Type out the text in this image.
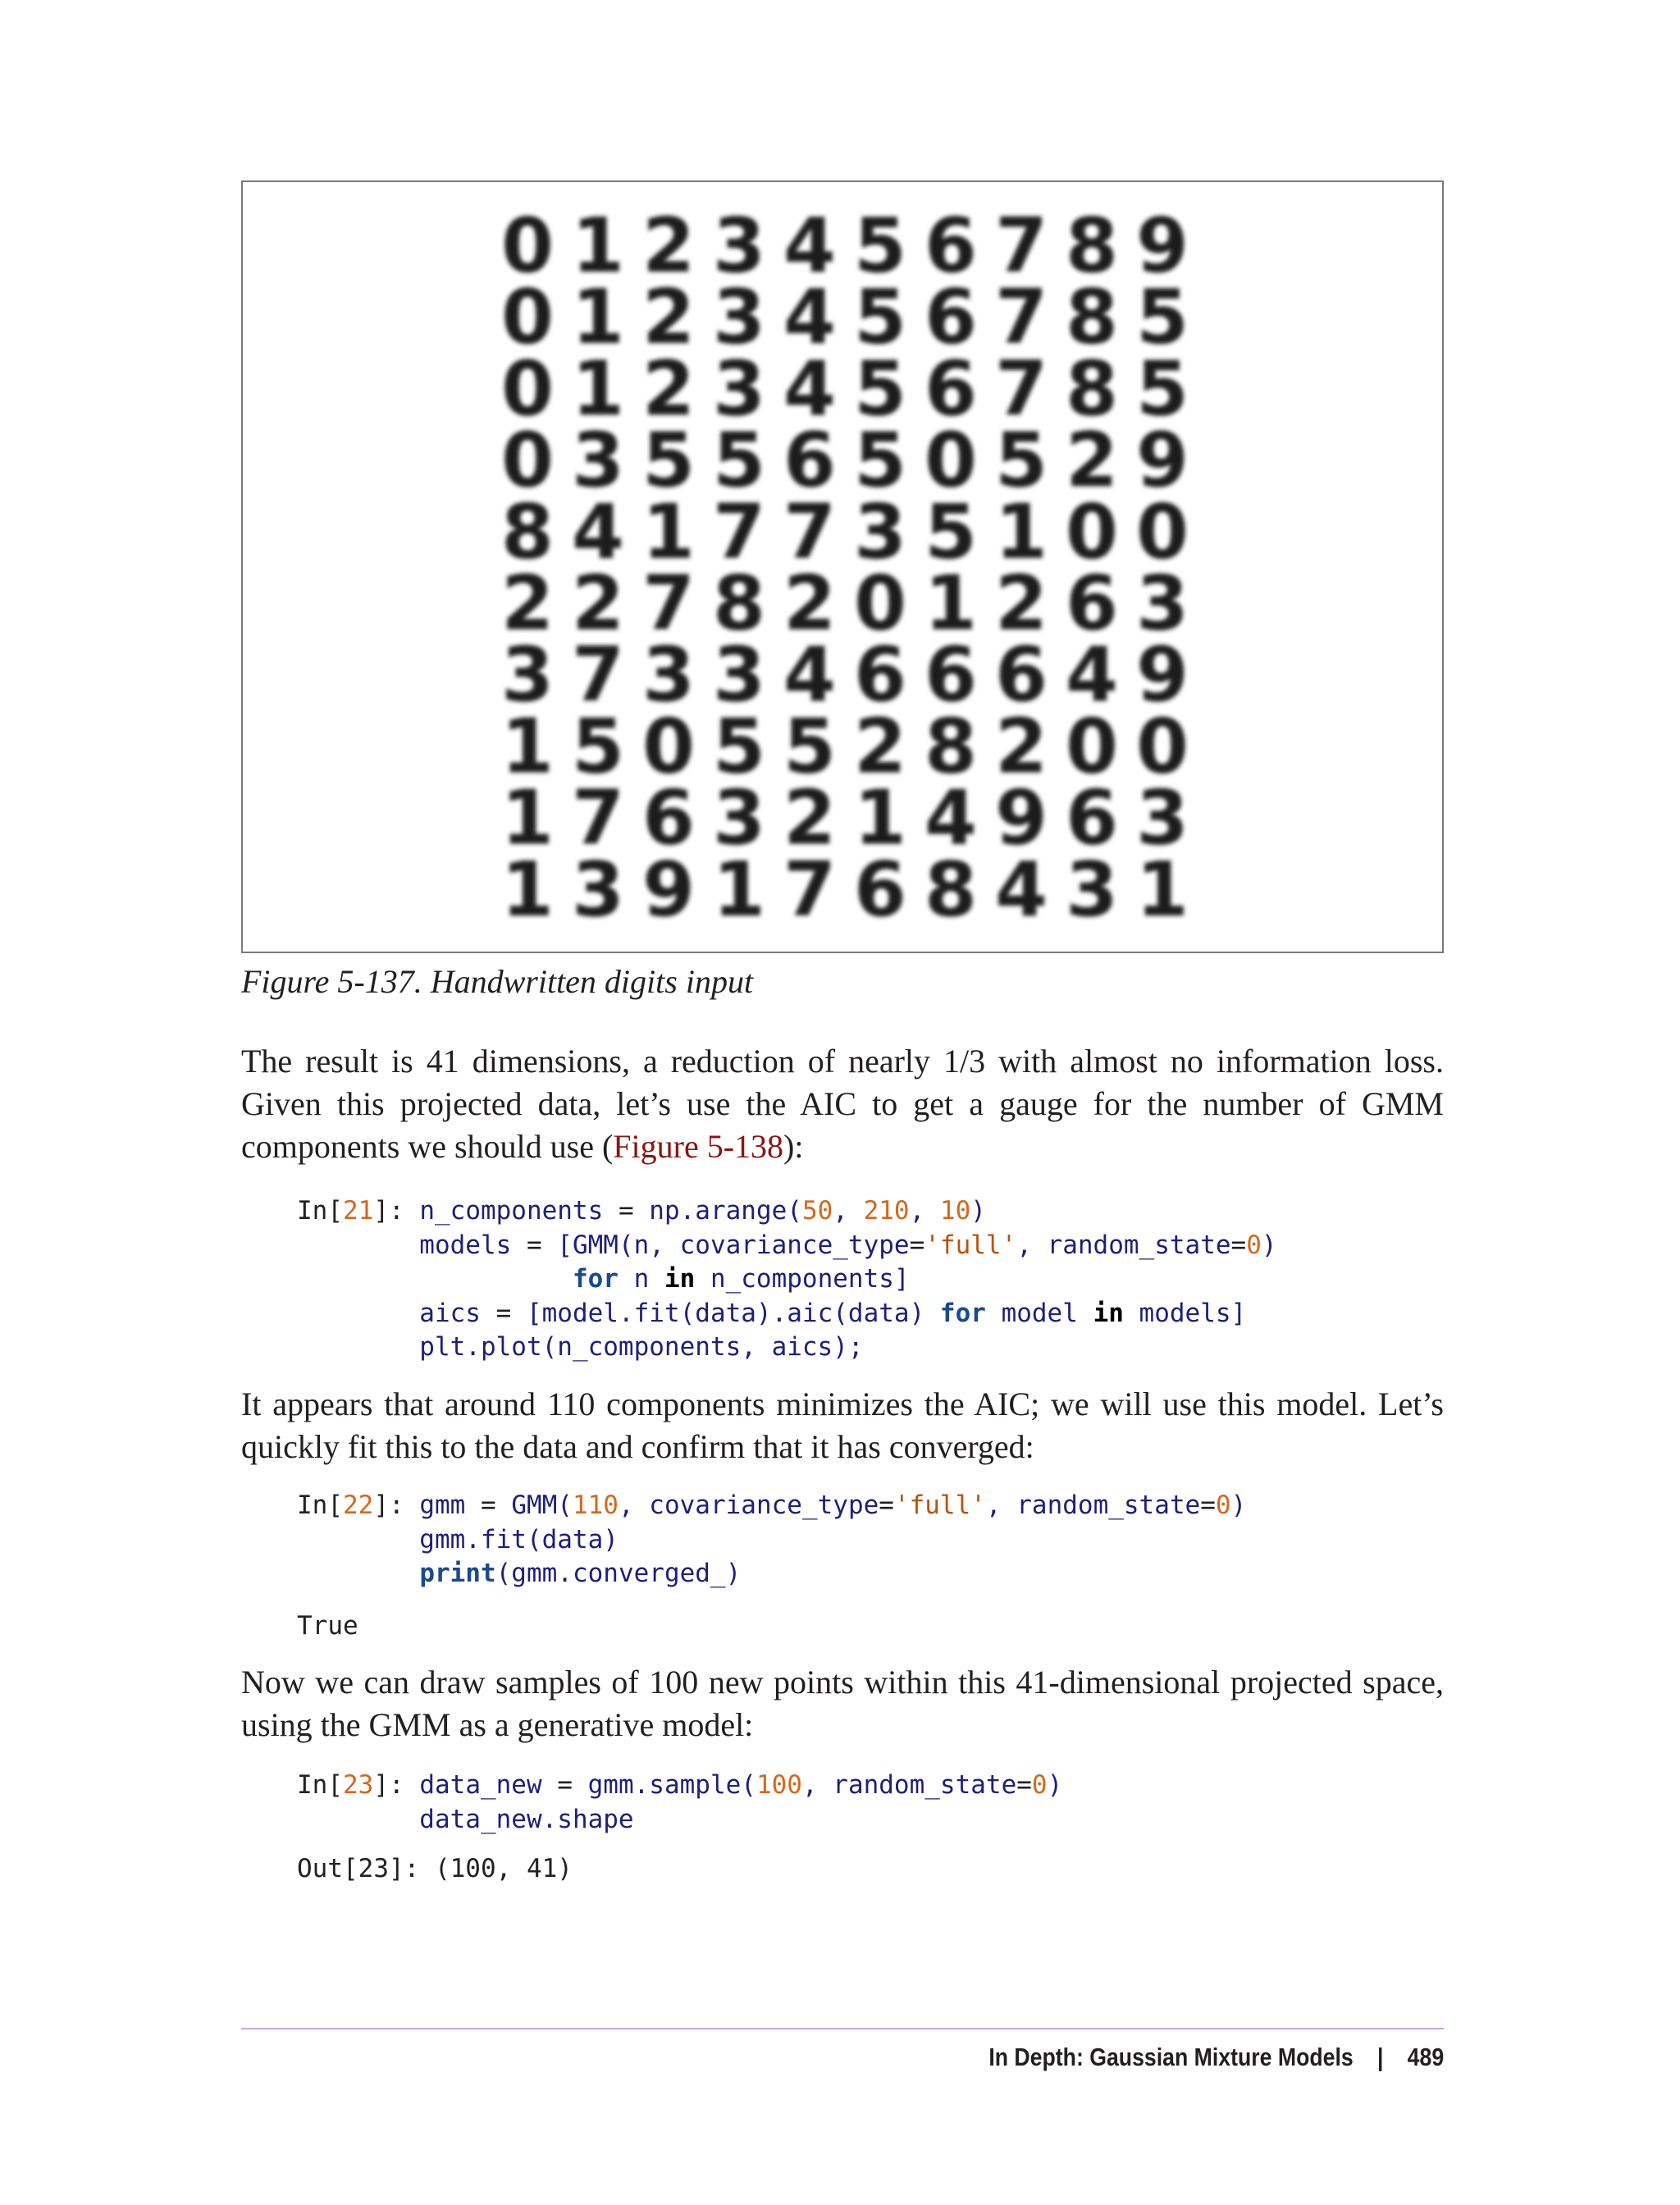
0 1 2 3 4 5 6 7 8 9
0 1 2 3 4 5 6 7 8 5
0 1 2 3 4 5 6 7 8 5
0 3 5 5 6 5 0 5 2 9
8 4 1 7 7 3 5 1 0 0
2 2 7 8 2 0 1 2 6 3
3 7 3 3 4 6 6 6 4 9
1 5 0 5 5 2 8 2 0 0
1 7 6 3 2 1 4 9 6 3
1 3 9 1 7 6 8 4 3 1
Figure 5-137. Handwritten digits input

The result is 41 dimensions, a reduction of nearly 1/3 with almost no information loss. Given this projected data, let’s use the AIC to get a gauge for the number of GMM components we should use (Figure 5-138):

In[21]: n_components = np.arange(50, 210, 10)
models = [GMM(n, covariance_type='full', random_state=0)
for n in n_components]
aics = [model.fit(data).aic(data) for model in models]
plt.plot(n_components, aics);

It appears that around 110 components minimizes the AIC; we will use this model. Let’s quickly fit this to the data and confirm that it has converged:

In[22]: gmm = GMM(110, covariance_type='full', random_state=0)
gmm.fit(data)
print(gmm.converged_)
True

Now we can draw samples of 100 new points within this 41-dimensional projected space, using the GMM as a generative model:

In[23]: data_new = gmm.sample(100, random_state=0)
data_new.shape
Out[23]: (100, 41)
In Depth: Gaussian Mixture Models | 489
